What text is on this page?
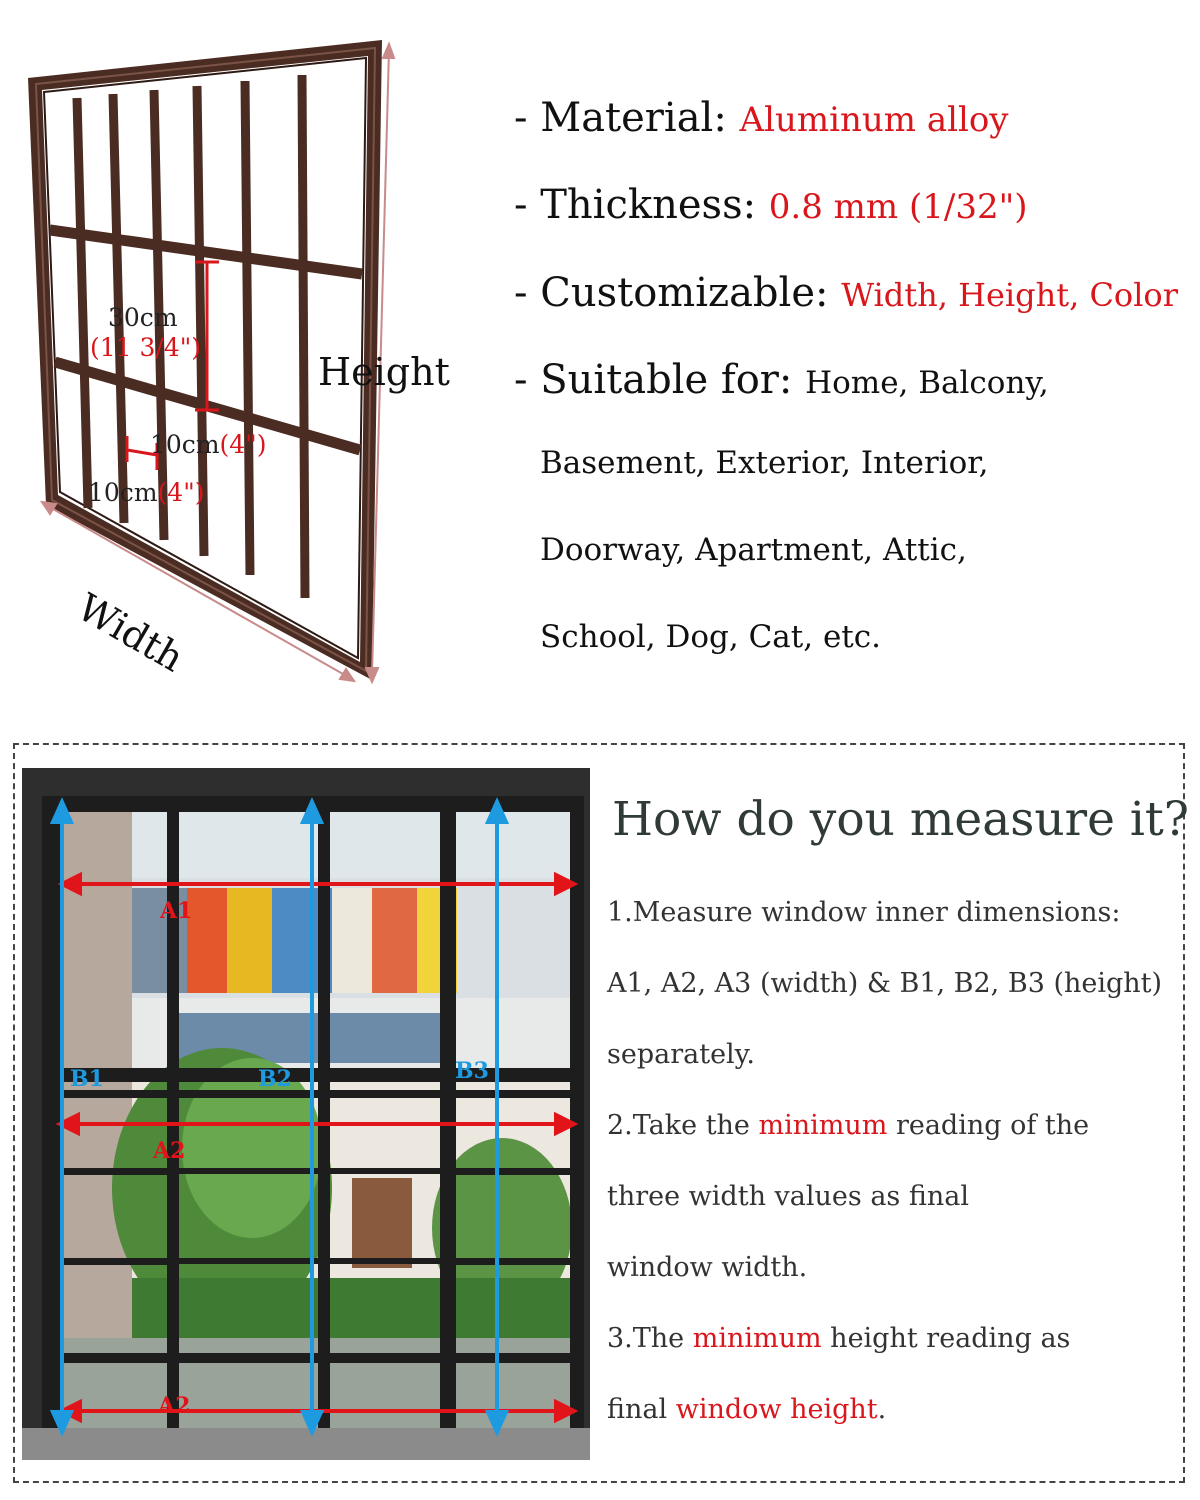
30cm
(11 3/4")
10cm(4")
10cm(4")
Height
Width
- Material: Aluminum alloy
- Thickness: 0.8 mm (1/32")
- Customizable: Width, Height, Color
- Suitable for: Home, Balcony,
Basement, Exterior, Interior,
Doorway, Apartment, Attic,
School, Dog, Cat, etc.
A1
A2
A2
B1	B2	B3
How do you measure it?
1.Measure window inner dimensions:
A1, A2, A3 (width) & B1, B2, B3 (height)
separately.
2.Take the minimum reading of the
three width values as final
window width.
3.The minimum height reading as
final window height.
